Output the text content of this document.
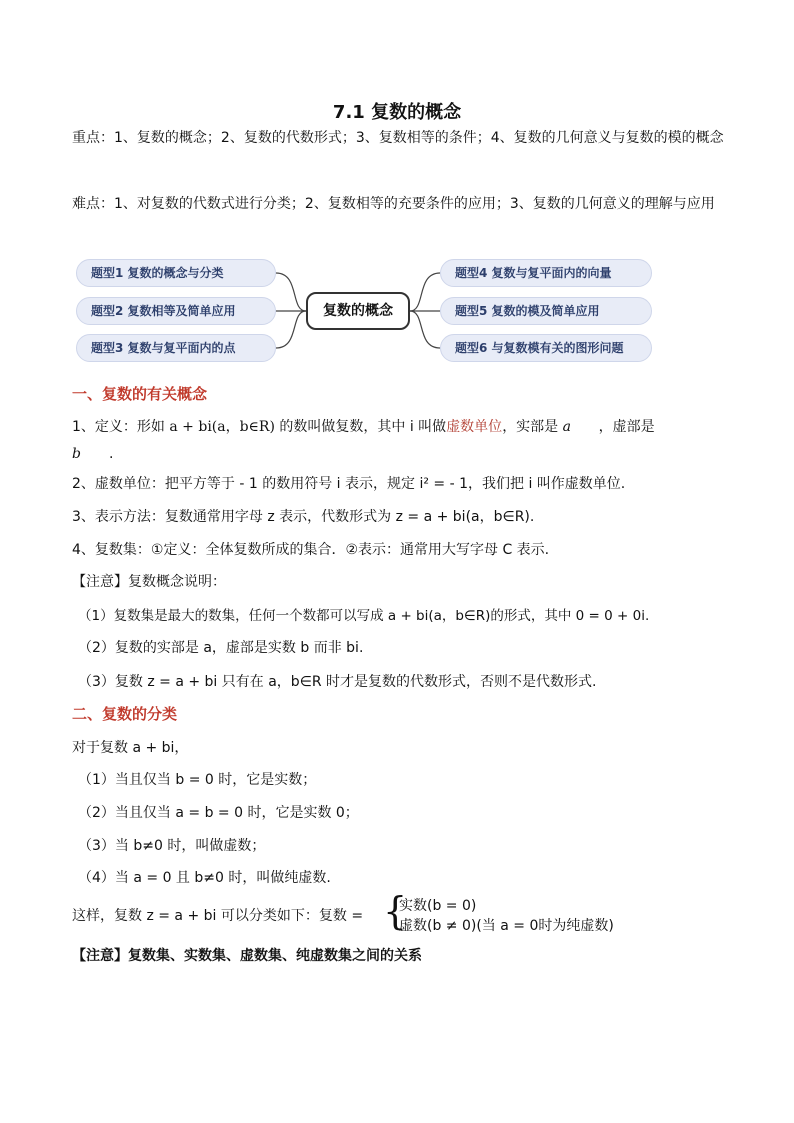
7.1 复数的概念
重点：1、复数的概念；2、复数的代数形式；3、复数相等的条件；4、复数的几何意义与复数的模的概念
难点：1、对复数的代数式进行分类；2、复数相等的充要条件的应用；3、复数的几何意义的理解与应用
题型1 复数的概念与分类
题型2 复数相等及简单应用
题型3 复数与复平面内的点
复数的概念
题型4 复数与复平面内的向量
题型5 复数的模及简单应用
题型6 与复数模有关的图形问题
一、复数的有关概念
1、定义：形如 a + bi(a，b∈R) 的数叫做复数，其中 i 叫做虚数单位，实部是 a ，虚部是
b .
2、虚数单位：把平方等于 - 1 的数用符号 i 表示，规定 i² = - 1，我们把 i 叫作虚数单位.
3、表示方法：复数通常用字母 z 表示，代数形式为 z = a + bi(a，b∈R).
4、复数集：①定义：全体复数所成的集合．②表示：通常用大写字母 C 表示.
【注意】复数概念说明：
（1）复数集是最大的数集，任何一个数都可以写成 a + bi(a，b∈R)的形式，其中 0 = 0 + 0i.
（2）复数的实部是 a，虚部是实数 b 而非 bi.
（3）复数 z = a + bi 只有在 a，b∈R 时才是复数的代数形式，否则不是代数形式.
二、复数的分类
对于复数 a + bi，
（1）当且仅当 b = 0 时，它是实数；
（2）当且仅当 a = b = 0 时，它是实数 0；
（3）当 b≠0 时，叫做虚数；
（4）当 a = 0 且 b≠0 时，叫做纯虚数.
这样，复数 z = a + bi 可以分类如下：复数 = {
实数(b = 0)
虚数(b ≠ 0)(当 a = 0时为纯虚数)
【注意】复数集、实数集、虚数集、纯虚数集之间的关系
